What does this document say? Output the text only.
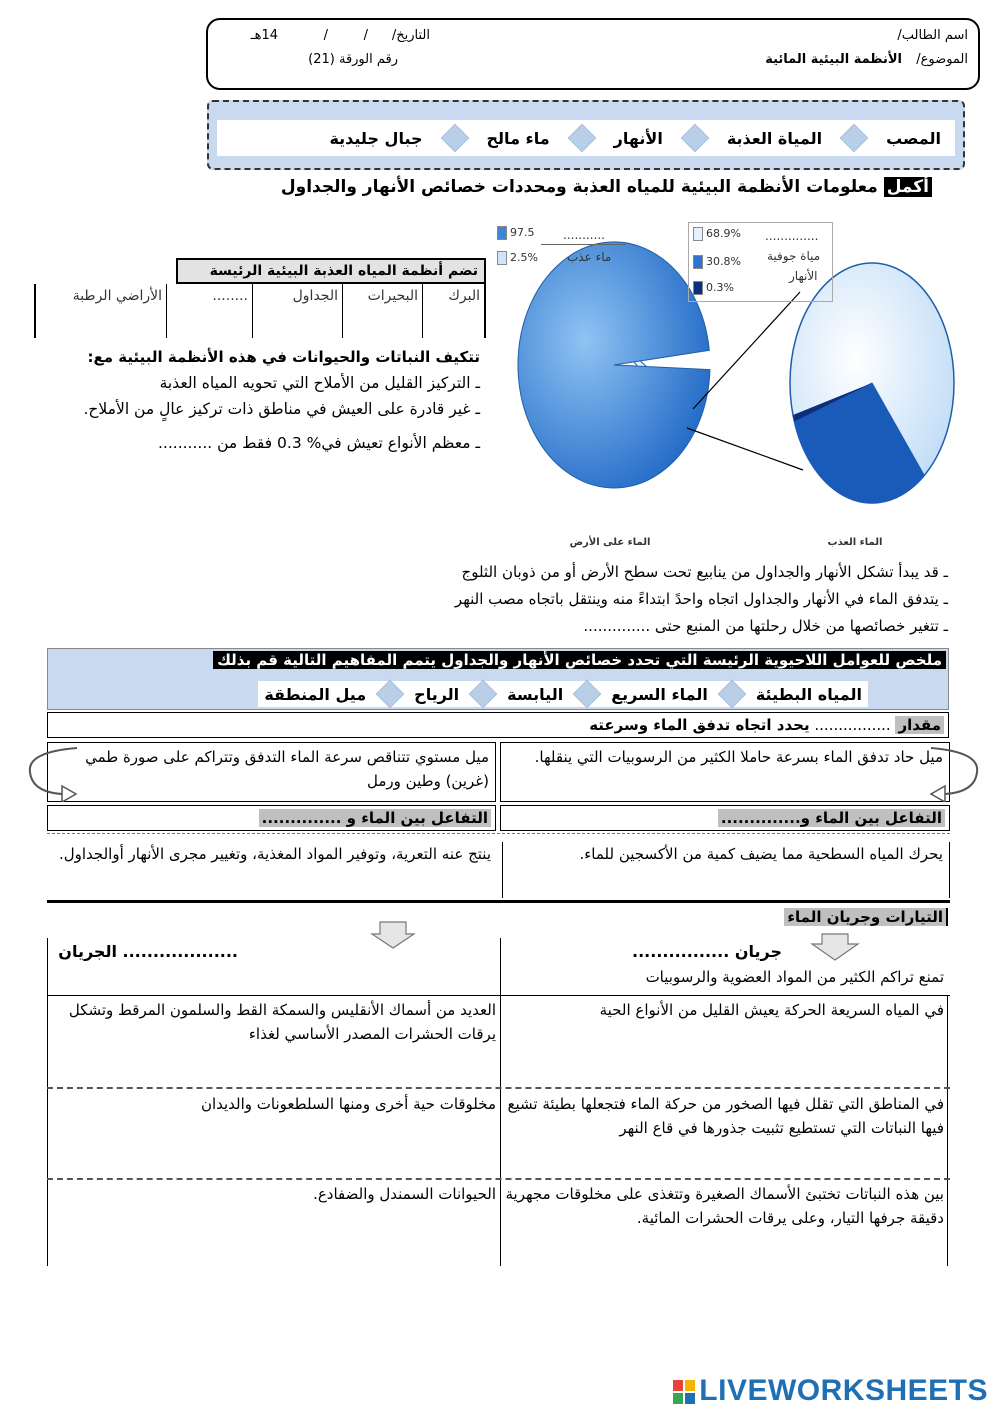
اسم الطالب/
التاريخ/
/
/
14هـ
الموضوع/
الأنظمة البيئية المائية
رقم الورقة (21)
المصب
المياة العذبة
الأنهار
ماء مالح
جبال جليدية
أكمل معلومات الأنظمة البيئية للمياه العذبة ومحددات خصائص الأنهار والجداول
تضم أنظمة المياه العذبة البيئية الرئيسة
البرك
البحيرات
الجداول
........
الأراضي الرطبة
تتكيف النباتات والحيوانات في هذه الأنظمة البيئية مع:
ـ التركيز القليل من الأملاح التي تحويه المياه العذبة
ـ غير قادرة على العيش في مناطق ذات تركيز عالٍ من الأملاح.
ـ معظم الأنواع تعيش في% 0.3 فقط من ...........
الماء على الأرض	الماء العذب
97.5
2.5%
...........
ماء عذب
68.9%
30.8%
0.3%
..............
مياة جوفية
الأنهار
ـ قد يبدأ تشكل الأنهار والجداول من ينابيع تحت سطح الأرض أو من ذوبان الثلوج
ـ يتدفق الماء في الأنهار والجداول اتجاه واحدً ابتداءً منه وينتقل باتجاه مصب النهر
ـ تتغير خصائصها من خلال رحلتها من المنبع حتى ..............
ملخص للعوامل اللاحيوية الرئيسة التي تحدد خصائص الأنهار والجداول يتمم المفاهيم التالية قم بذلك
المياه البطيئة
الماء السريع
اليابسة
الرياح
ميل المنطقة
مقدار ................ يحدد اتجاه تدفق الماء وسرعته
ميل حاد تدفق الماء بسرعة حاملا الكثير من الرسوبيات التي ينقلها.
ميل مستوي تتناقص سرعة الماء التدفق وتتراكم على صورة طمي (غرين) وطين ورمل
التفاعل بين الماء و..............
التفاعل بين الماء و ..............
يحرك المياه السطحية مما يضيف كمية من الأكسجين للماء.
ينتج عنه التعرية، وتوفير المواد المغذية، وتغيير مجرى الأنهار أوالجداول.
التيارات وجريان الماء
جريان ................
................... الجريان
تمنع تراكم الكثير من المواد العضوية والرسوبيات
في المياه السريعة الحركة يعيش القليل من الأنواع الحية
العديد من أسماك الأنقليس والسمكة القط والسلمون المرقط وتشكل يرقات الحشرات المصدر الأساسي لغذاء
في المناطق التي تقلل فيها الصخور من حركة الماء فتجعلها بطيئة تشيع فيها النباتات التي تستطيع تثبيت جذورها في قاع النهر
مخلوقات حية أخرى ومنها السلطعونات والديدان
بين هذه النباتات تختبئ الأسماك الصغيرة وتتغذى على مخلوقات مجهرية دقيقة جرفها التيار، وعلى يرقات الحشرات المائية.
الحيوانات السمندل والضفادع.
LIVEWORKSHEETS
